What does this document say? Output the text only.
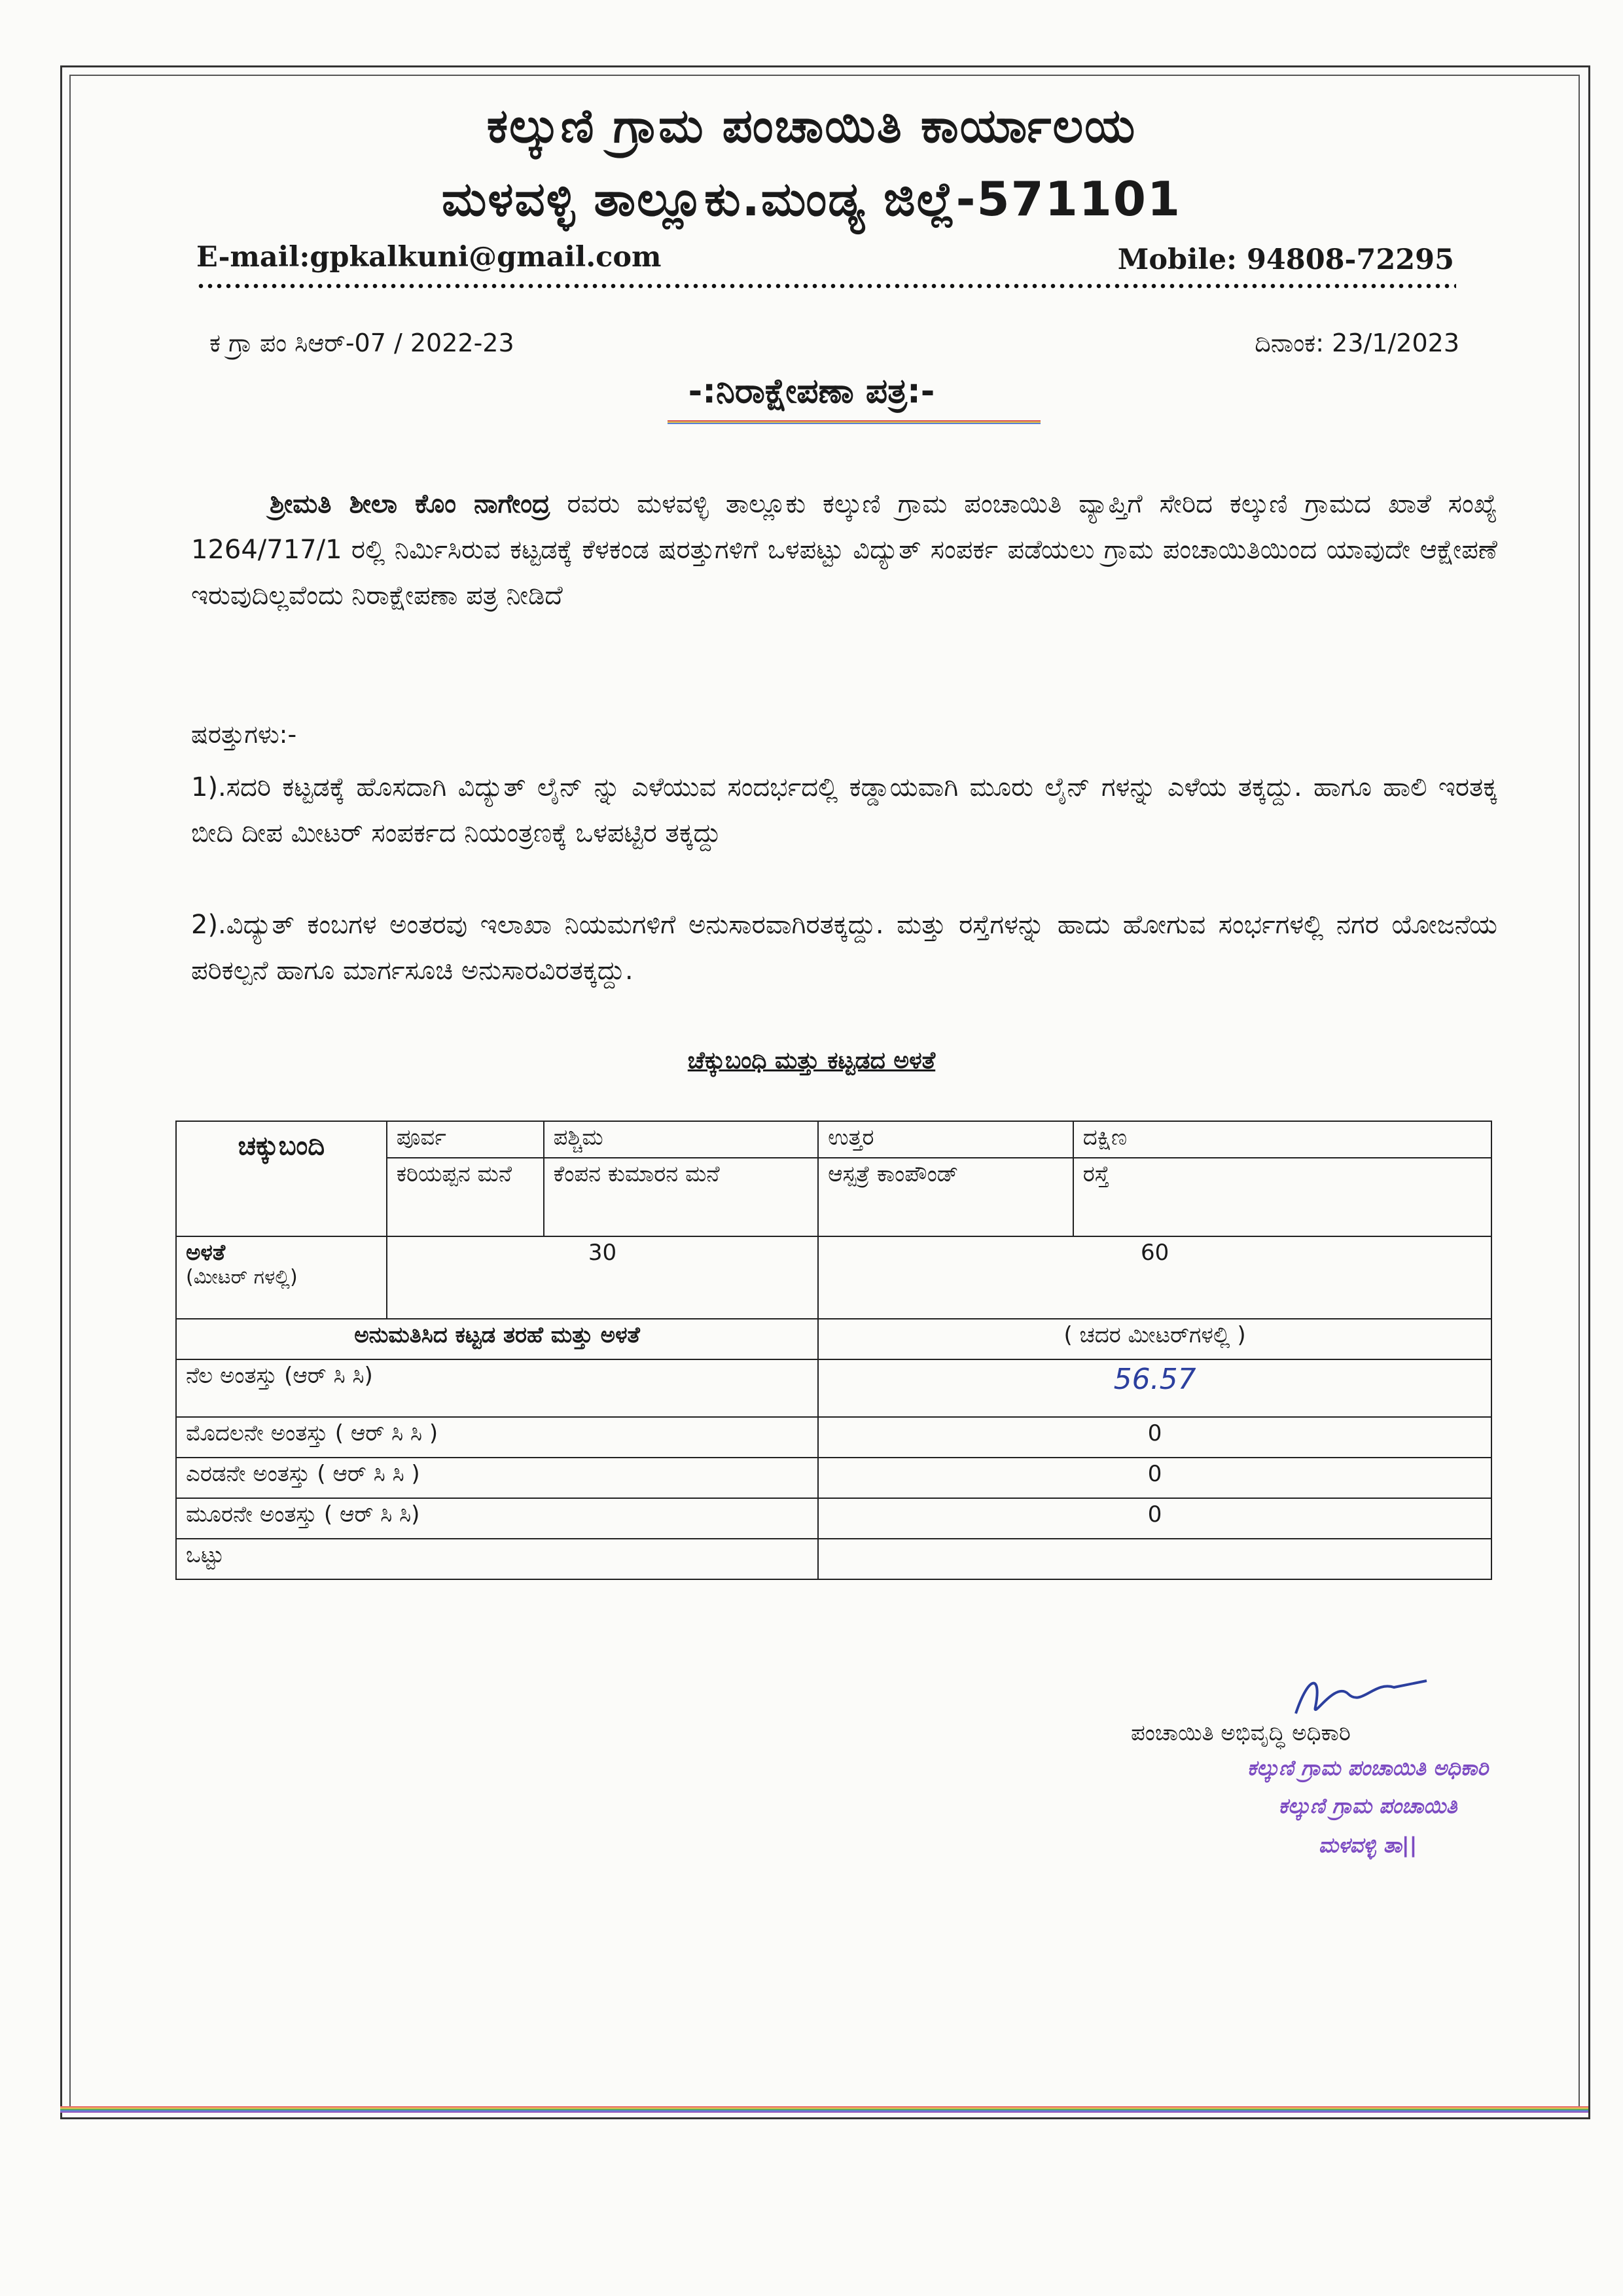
ಕಲ್ಕುಣಿ ಗ್ರಾಮ ಪಂಚಾಯಿತಿ ಕಾರ್ಯಾಲಯ
ಮಳವಳ್ಳಿ ತಾಲ್ಲೂಕು.ಮಂಡ್ಯ ಜಿಲ್ಲೆ-571101
E-mail:gpkalkuni@gmail.com	Mobile: 94808-72295
ಕ ಗ್ರಾ ಪಂ ಸಿಆರ್-07 / 2022-23	ದಿನಾಂಕ: 23/1/2023
-:ನಿರಾಕ್ಷೇಪಣಾ ಪತ್ರ:-
ಶ್ರೀಮತಿ ಶೀಲಾ ಕೊಂ ನಾಗೇಂದ್ರ ರವರು ಮಳವಳ್ಳಿ ತಾಲ್ಲೂಕು ಕಲ್ಕುಣಿ ಗ್ರಾಮ ಪಂಚಾಯಿತಿ ವ್ಯಾಪ್ತಿಗೆ ಸೇರಿದ ಕಲ್ಕುಣಿ ಗ್ರಾಮದ ಖಾತೆ ಸಂಖ್ಯೆ 1264/717/1 ರಲ್ಲಿ ನಿರ್ಮಿಸಿರುವ ಕಟ್ಟಡಕ್ಕೆ ಕೆಳಕಂಡ ಷರತ್ತುಗಳಿಗೆ ಒಳಪಟ್ಟು ವಿದ್ಯುತ್ ಸಂಪರ್ಕ ಪಡೆಯಲು ಗ್ರಾಮ ಪಂಚಾಯಿತಿಯಿಂದ ಯಾವುದೇ ಆಕ್ಷೇಪಣೆ ಇರುವುದಿಲ್ಲವೆಂದು ನಿರಾಕ್ಷೇಪಣಾ ಪತ್ರ ನೀಡಿದೆ
ಷರತ್ತುಗಳು:-
1).ಸದರಿ ಕಟ್ಟಡಕ್ಕೆ ಹೊಸದಾಗಿ ವಿದ್ಯುತ್ ಲೈನ್ ನ್ನು ಎಳೆಯುವ ಸಂದರ್ಭದಲ್ಲಿ ಕಡ್ಡಾಯವಾಗಿ ಮೂರು ಲೈನ್ ಗಳನ್ನು ಎಳೆಯ ತಕ್ಕದ್ದು. ಹಾಗೂ ಹಾಲಿ ಇರತಕ್ಕ ಬೀದಿ ದೀಪ ಮೀಟರ್ ಸಂಪರ್ಕದ ನಿಯಂತ್ರಣಕ್ಕೆ ಒಳಪಟ್ಟಿರ ತಕ್ಕದ್ದು
2).ವಿದ್ಯುತ್ ಕಂಬಗಳ ಅಂತರವು ಇಲಾಖಾ ನಿಯಮಗಳಿಗೆ ಅನುಸಾರವಾಗಿರತಕ್ಕದ್ದು. ಮತ್ತು ರಸ್ತೆಗಳನ್ನು ಹಾದು ಹೋಗುವ ಸಂರ್ಭಗಳಲ್ಲಿ ನಗರ ಯೋಜನೆಯ ಪರಿಕಲ್ಪನೆ ಹಾಗೂ ಮಾರ್ಗಸೂಚಿ ಅನುಸಾರವಿರತಕ್ಕದ್ದು.
ಚೆಕ್ಕುಬಂಧಿ ಮತ್ತು ಕಟ್ಟಡದ ಅಳತೆ
ಚಕ್ಕುಬಂದಿ	ಪೂರ್ವ	ಪಶ್ಚಿಮ	ಉತ್ತರ	ದಕ್ಷಿಣ
	ಕರಿಯಪ್ಪನ ಮನೆ	ಕೆಂಪನ ಕುಮಾರನ ಮನೆ	ಆಸ್ಪತ್ರೆ ಕಾಂಪೌಂಡ್	ರಸ್ತೆ

ಅಳತೆ
(ಮೀಟರ್ ಗಳಲ್ಲಿ)	30		60	
ಅನುಮತಿಸಿದ ಕಟ್ಟಡ ತರಹೆ ಮತ್ತು ಅಳತೆ			( ಚದರ ಮೀಟರ್‌ಗಳಲ್ಲಿ )	
ನೆಲ ಅಂತಸ್ತು (ಆರ್ ಸಿ ಸಿ)			56.57	
ಮೊದಲನೇ ಅಂತಸ್ತು ( ಆರ್ ಸಿ ಸಿ )			0	
ಎರಡನೇ ಅಂತಸ್ತು ( ಆರ್ ಸಿ ಸಿ )			0	
ಮೂರನೇ ಅಂತಸ್ತು ( ಆರ್ ಸಿ ಸಿ)			0	
ಒಟ್ಟು				
ಪಂಚಾಯಿತಿ ಅಭಿವೃದ್ಧಿ ಅಧಿಕಾರಿ
ಕಲ್ಕುಣಿ ಗ್ರಾಮ ಪಂಚಾಯಿತಿ ಅಧಿಕಾರಿ
ಕಲ್ಕುಣಿ ಗ್ರಾಮ ಪಂಚಾಯಿತಿ
ಮಳವಳ್ಳಿ ತಾ||
